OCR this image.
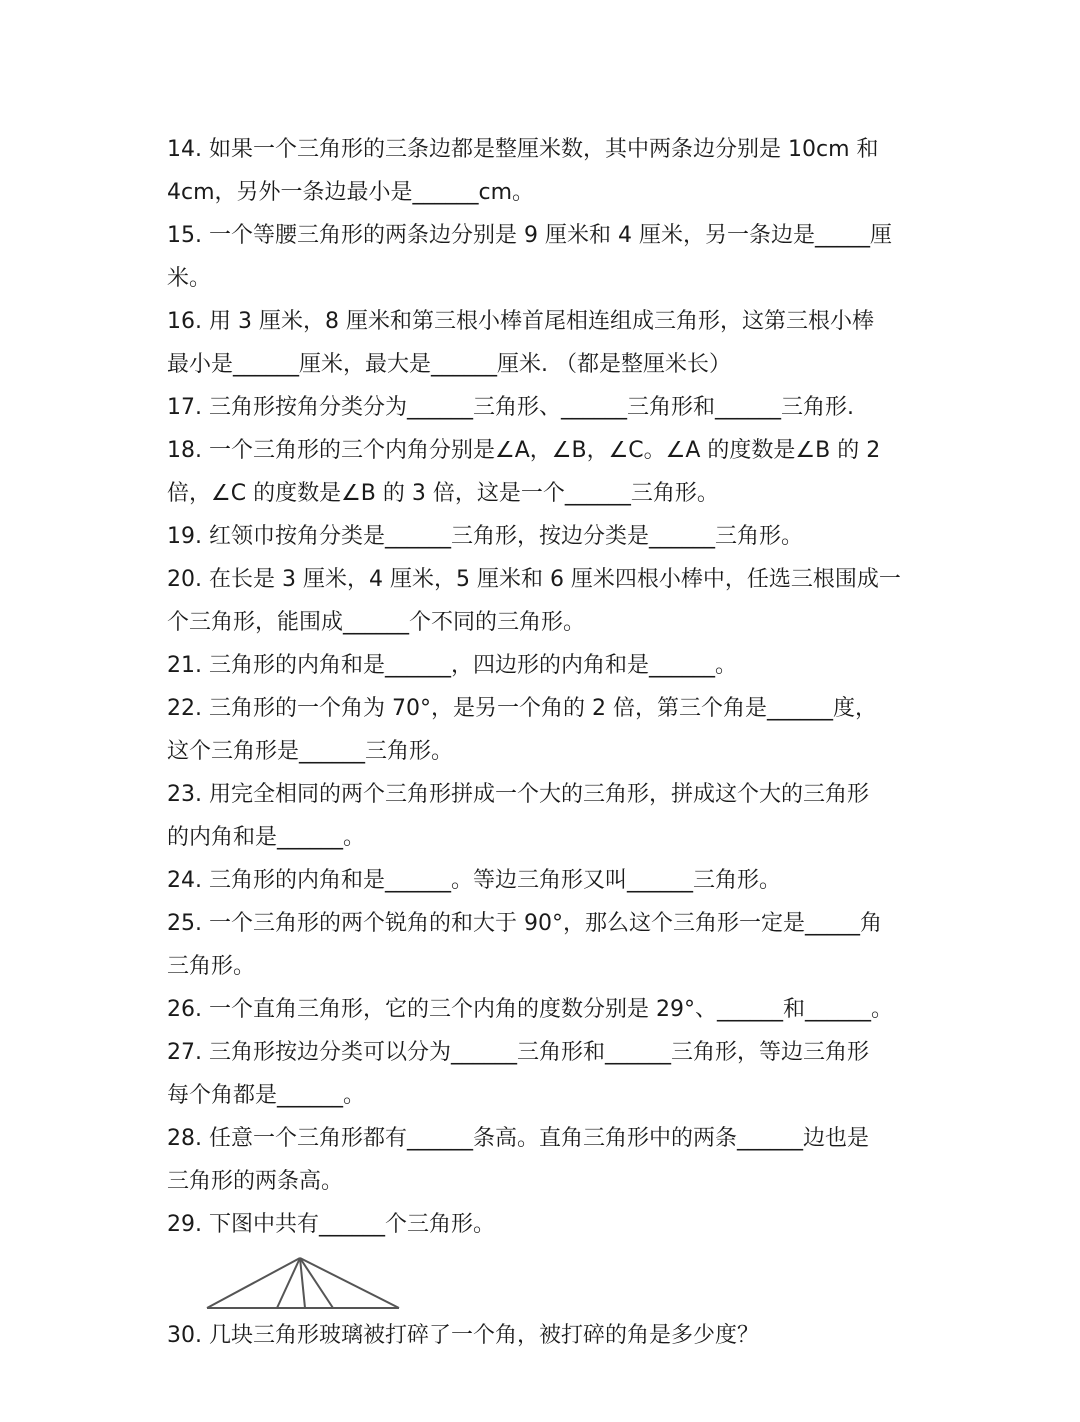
14. 如果一个三角形的三条边都是整厘米数，其中两条边分别是 10cm 和
4cm，另外一条边最小是______cm。
15. 一个等腰三角形的两条边分别是 9 厘米和 4 厘米，另一条边是_____厘
米。
16. 用 3 厘米，8 厘米和第三根小棒首尾相连组成三角形，这第三根小棒
最小是______厘米，最大是______厘米. （都是整厘米长）
17. 三角形按角分类分为______三角形、______三角形和______三角形.
18. 一个三角形的三个内角分别是∠A，∠B，∠C。∠A 的度数是∠B 的 2
倍，∠C 的度数是∠B 的 3 倍，这是一个______三角形。
19. 红领巾按角分类是______三角形，按边分类是______三角形。
20. 在长是 3 厘米，4 厘米，5 厘米和 6 厘米四根小棒中，任选三根围成一
个三角形，能围成______个不同的三角形。
21. 三角形的内角和是______，四边形的内角和是______。
22. 三角形的一个角为 70°，是另一个角的 2 倍，第三个角是______度，
这个三角形是______三角形。
23. 用完全相同的两个三角形拼成一个大的三角形，拼成这个大的三角形
的内角和是______。
24. 三角形的内角和是______。等边三角形又叫______三角形。
25. 一个三角形的两个锐角的和大于 90°，那么这个三角形一定是_____角
三角形。
26. 一个直角三角形，它的三个内角的度数分别是 29°、______和______。
27. 三角形按边分类可以分为______三角形和______三角形，等边三角形
每个角都是______。
28. 任意一个三角形都有______条高。直角三角形中的两条______边也是
三角形的两条高。
29. 下图中共有______个三角形。
30. 几块三角形玻璃被打碎了一个角，被打碎的角是多少度？
